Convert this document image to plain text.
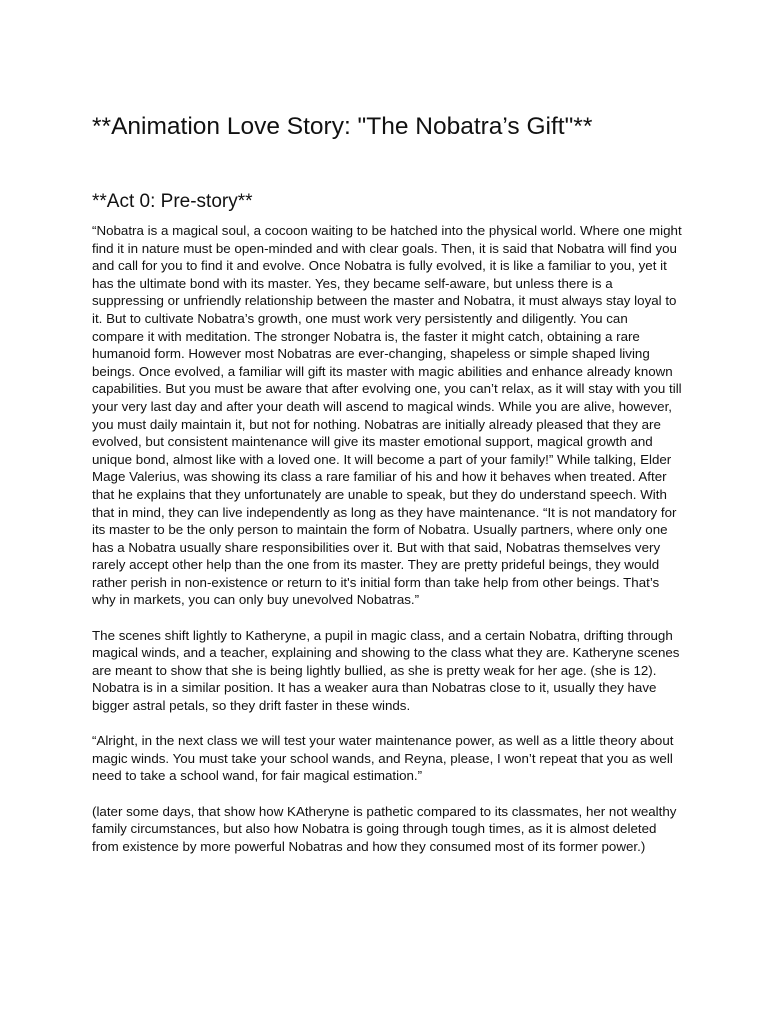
**Animation Love Story: "The Nobatra’s Gift"**
**Act 0: Pre-story**

“Nobatra is a magical soul, a cocoon waiting to be hatched into the physical world. Where one might find it in nature must be open-minded and with clear goals. Then, it is said that Nobatra will find you and call for you to find it and evolve. Once Nobatra is fully evolved, it is like a familiar to you, yet it has the ultimate bond with its master. Yes, they became self-aware, but unless there is a suppressing or unfriendly relationship between the master and Nobatra, it must always stay loyal to it. But to cultivate Nobatra’s growth, one must work very persistently and diligently. You can compare it with meditation. The stronger Nobatra is, the faster it might catch, obtaining a rare humanoid form. However most Nobatras are ever-changing, shapeless or simple shaped living beings. Once evolved, a familiar will gift its master with magic abilities and enhance already known capabilities. But you must be aware that after evolving one, you can’t relax, as it will stay with you till your very last day and after your death will ascend to magical winds. While you are alive, however, you must daily maintain it, but not for nothing. Nobatras are initially already pleased that they are evolved, but consistent maintenance will give its master emotional support, magical growth and unique bond, almost like with a loved one. It will become a part of your family!” While talking, Elder Mage Valerius, was showing its class a rare familiar of his and how it behaves when treated. After that he explains that they unfortunately are unable to speak, but they do understand speech. With that in mind, they can live independently as long as they have maintenance. “It is not mandatory for its master to be the only person to maintain the form of Nobatra. Usually partners, where only one has a Nobatra usually share responsibilities over it. But with that said, Nobatras themselves very rarely accept other help than the one from its master. They are pretty prideful beings, they would rather perish in non-existence or return to it's initial form than take help from other beings. That’s why in markets, you can only buy unevolved Nobatras.”

The scenes shift lightly to Katheryne, a pupil in magic class, and a certain Nobatra, drifting through magical winds, and a teacher, explaining and showing to the class what they are. Katheryne scenes are meant to show that she is being lightly bullied, as she is pretty weak for her age. (she is 12). Nobatra is in a similar position. It has a weaker aura than Nobatras close to it, usually they have bigger astral petals, so they drift faster in these winds.

“Alright, in the next class we will test your water maintenance power, as well as a little theory about magic winds. You must take your school wands, and Reyna, please, I won’t repeat that you as well need to take a school wand, for fair magical estimation.”

(later some days, that show how KAtheryne is pathetic compared to its classmates, her not wealthy family circumstances, but also how Nobatra is going through tough times, as it is almost deleted from existence by more powerful Nobatras and how they consumed most of its former power.)
